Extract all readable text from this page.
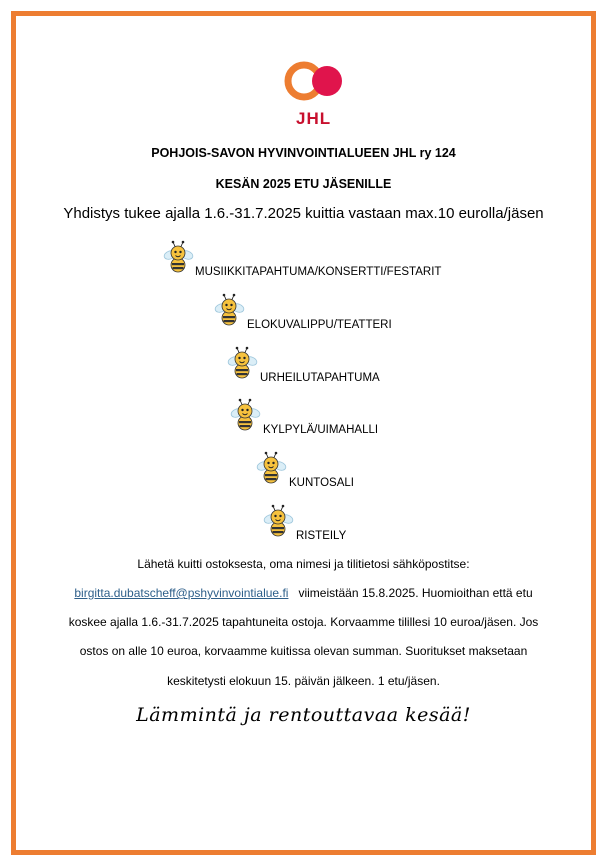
JHL
POHJOIS-SAVON HYVINVOINTIALUEEN JHL ry 124
KESÄN 2025 ETU JÄSENILLE
Yhdistys tukee ajalla 1.6.-31.7.2025 kuittia vastaan max.10 eurolla/jäsen
MUSIIKKITAPAHTUMA/KONSERTTI/FESTARIT
ELOKUVALIPPU/TEATTERI
URHEILUTAPAHTUMA
KYLPYLÄ/UIMAHALLI
KUNTOSALI
RISTEILY
Lähetä kuitti ostoksesta, oma nimesi ja tilitietosi sähköpostitse:
birgitta.dubatscheff@pshyvinvointialue.fi viimeistään 15.8.2025. Huomioithan että etu
koskee ajalla 1.6.-31.7.2025 tapahtuneita ostoja. Korvaamme tilillesi 10 euroa/jäsen. Jos
ostos on alle 10 euroa, korvaamme kuitissa olevan summan. Suoritukset maksetaan
keskitetysti elokuun 15. päivän jälkeen. 1 etu/jäsen.
Lämmintä ja rentouttavaa kesää!
